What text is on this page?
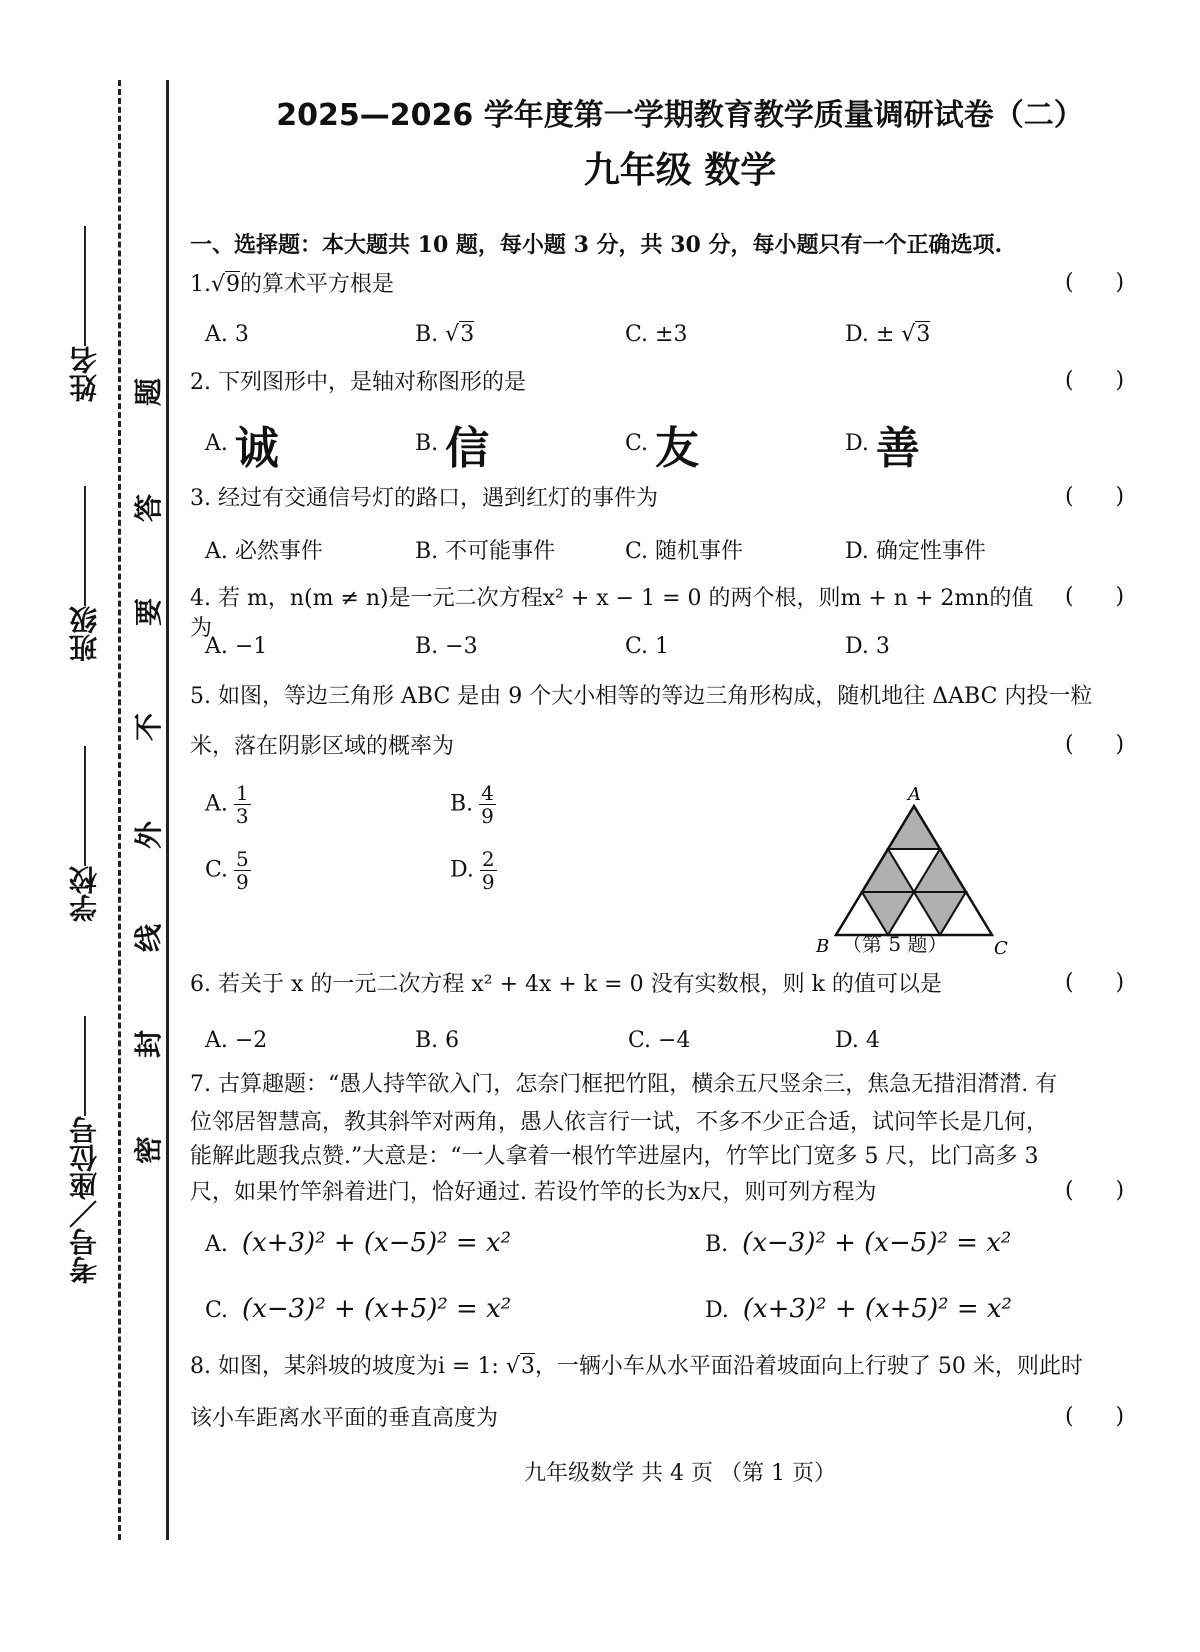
姓名
班级
学校
考号／座位号
题
答
要
不
外
线
封
密
2025—2026 学年度第一学期教育教学质量调研试卷（二）
九年级 数学
一、选择题：本大题共 10 题，每小题 3 分，共 30 分，每小题只有一个正确选项.
1.√9的算术平方根是
(      )
A. 3	B. √3	C. ±3	D. ± √3
2. 下列图形中，是轴对称图形的是
(      )
A. 诚	B. 信	C. 友	D. 善
3. 经过有交通信号灯的路口，遇到红灯的事件为
(      )
A. 必然事件	B. 不可能事件	C. 随机事件	D. 确定性事件
4. 若 m，n(m ≠ n)是一元二次方程x² + x − 1 = 0 的两个根，则m + n + 2mn的值为
(      )
A. −1	B. −3	C. 1	D. 3
5. 如图，等边三角形 ABC 是由 9 个大小相等的等边三角形构成，随机地往 ΔABC 内投一粒
米，落在阴影区域的概率为
(      )
A. $\frac{1}{3}$	B. $\frac{4}{9}$
C. $\frac{5}{9}$	D. $\frac{2}{9}$
A
B	C
（第 5 题）
6. 若关于 x 的一元二次方程 x² + 4x + k = 0 没有实数根，则 k 的值可以是
(      )
A. −2	B. 6	C. −4	D. 4
7. 古算趣题：“愚人持竿欲入门，怎奈门框把竹阻，横余五尺竖余三，焦急无措泪潸潸. 有
位邻居智慧高，教其斜竿对两角，愚人依言行一试，不多不少正合适，试问竿长是几何，
能解此题我点赞.”大意是：“一人拿着一根竹竿进屋内，竹竿比门宽多 5 尺，比门高多 3
尺，如果竹竿斜着进门，恰好通过. 若设竹竿的长为x尺，则可列方程为
(      )
A. (x+3)² + (x−5)² = x²	B. (x−3)² + (x−5)² = x²
C. (x−3)² + (x+5)² = x²	D. (x+3)² + (x+5)² = x²
8. 如图，某斜坡的坡度为i = 1: √3，一辆小车从水平面沿着坡面向上行驶了 50 米，则此时
该小车距离水平面的垂直高度为
(      )
九年级数学 共 4 页 （第 1 页）
